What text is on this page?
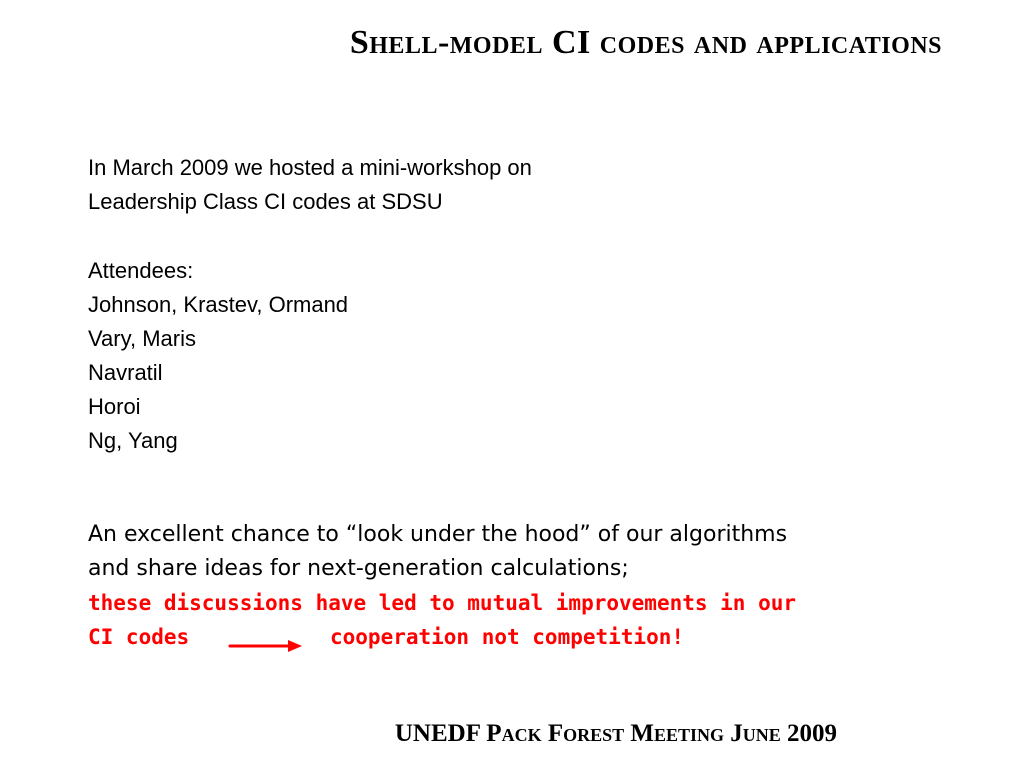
Shell-model CI codes and applications
In March 2009 we hosted a mini-workshop on
Leadership Class CI codes at SDSU
Attendees:
Johnson, Krastev, Ormand
Vary, Maris
Navratil
Horoi
Ng, Yang
An excellent chance to “look under the hood” of our algorithms
and share ideas for next-generation calculations;
these discussions have led to mutual improvements in our
CI codes	cooperation not competition!
UNEDF Pack Forest Meeting June 2009
